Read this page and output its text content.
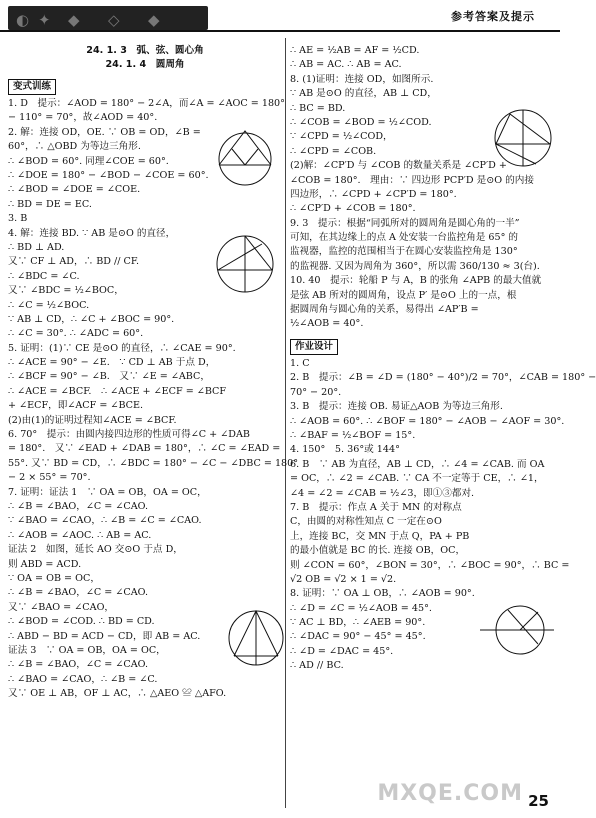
◐ ✦ ◆ ◇ ◆	参考答案及提示
24. 1. 3　弧、弦、圆心角
24. 1. 4　圆周角
变式训练
1. D　提示：∠AOD = 180° − 2∠A，而∠A = ∠AOC = 180°
− 110° = 70°，故∠AOD = 40°.
2. 解：连接 OD，OE. ∵ OB = OD，∠B =
60°，∴ △OBD 为等边三角形.
∴ ∠BOD = 60°. 同理∠COE = 60°.
∴ ∠DOE = 180° − ∠BOD − ∠COE = 60°.
∴ ∠BOD = ∠DOE = ∠COE.
∴ BD = DE = EC.
3. B
4. 解：连接 BD. ∵ AB 是⊙O 的直径，
∴ BD ⊥ AD.
又∵ CF ⊥ AD，∴ BD // CF.
∴ ∠BDC = ∠C.
又∵ ∠BDC = ½∠BOC，
∴ ∠C = ½∠BOC.
∵ AB ⊥ CD，∴ ∠C + ∠BOC = 90°.
∴ ∠C = 30°. ∴ ∠ADC = 60°.
5. 证明：(1)∵ CE 是⊙O 的直径，∴ ∠CAE = 90°.
∴ ∠ACE = 90° − ∠E.　∵ CD ⊥ AB 于点 D，
∴ ∠BCF = 90° − ∠B.　又∵ ∠E = ∠ABC，
∴ ∠ACE = ∠BCF.　∴ ∠ACE + ∠ECF = ∠BCF
+ ∠ECF，即∠ACF = ∠BCE.
(2)由(1)的证明过程知∠ACE = ∠BCF.
6. 70°　提示：由圆内接四边形的性质可得∠C + ∠DAB
= 180°.　又∵ ∠EAD + ∠DAB = 180°，∴ ∠C = ∠EAD =
55°. 又∵ BD = CD，∴ ∠BDC = 180° − ∠C − ∠DBC = 180°
− 2 × 55° = 70°.
7. 证明：证法 1　∵ OA = OB，OA = OC，
∴ ∠B = ∠BAO，∠C = ∠CAO.
∵ ∠BAO = ∠CAO，∴ ∠B = ∠C = ∠CAO.
∴ ∠AOB = ∠AOC. ∴ AB = AC.
证法 2　如图，延长 AO 交⊙O 于点 D，
则 ABD = ACD.
∵ OA = OB = OC，
∴ ∠B = ∠BAO，∠C = ∠CAO.
又∵ ∠BAO = ∠CAO，
∴ ∠BOD = ∠COD. ∴ BD = CD.
∴ ABD − BD = ACD − CD，即 AB = AC.
证法 3　∵ OA = OB，OA = OC，
∴ ∠B = ∠BAO，∠C = ∠CAO.
∴ ∠BAO = ∠CAO，∴ ∠B = ∠C.
又∵ OE ⊥ AB，OF ⊥ AC，∴ △AEO ≌ △AFO.
∴ AE = ½AB = AF = ½CD.
∴ AB = AC. ∴ AB = AC.
8. (1)证明：连接 OD，如图所示.
∵ AB 是⊙O 的直径，AB ⊥ CD，
∴ BC = BD.
∴ ∠COB = ∠BOD = ½∠COD.
∵ ∠CPD = ½∠COD，
∴ ∠CPD = ∠COB.
(2)解：∠CP′D 与 ∠COB 的数量关系是 ∠CP′D +
∠COB = 180°.　理由：∵ 四边形 PCP′D 是⊙O 的内接
四边形，∴ ∠CPD + ∠CP′D = 180°.
∴ ∠CP′D + ∠COB = 180°.
9. 3　提示：根据“同弧所对的圆周角是圆心角的一半”
可知，在其边缘上的点 A 处安装一台监控角是 65° 的
监视器，监控的范围相当于在圆心安装监控角是 130°
的监视器. 又因为周角为 360°，所以需 360/130 ≈ 3(台).
10. 40　提示：轮船 P 与 A，B 的张角 ∠APB 的最大值就
是弦 AB 所对的圆周角，设点 P′ 是⊙O 上的一点，根
据圆周角与圆心角的关系，易得出 ∠AP′B =
½∠AOB = 40°.
作业设计
1. C
2. B　提示：∠B = ∠D = (180° − 40°)/2 = 70°，∠CAB = 180° −
70° − 20°.
3. B　提示：连接 OB. 易证△AOB 为等边三角形.
∴ ∠AOB = 60°. ∴ ∠BOF = 180° − ∠AOB − ∠AOF = 30°.
∴ ∠BAF = ½∠BOF = 15°.
4. 150°　5. 36°或 144°
6. B　∵ AB 为直径，AB ⊥ CD，∴ ∠4 = ∠CAB. 而 OA
= OC，∴ ∠2 = ∠CAB. ∵ CA 不一定等于 CE，∴ ∠1，
∠4 = ∠2 = ∠CAB = ½∠3，即①③都对.
7. B　提示：作点 A 关于 MN 的对称点
C，由圆的对称性知点 C 一定在⊙O
上，连接 BC，交 MN 于点 Q，PA + PB
的最小值就是 BC 的长. 连接 OB，OC，
则 ∠CON = 60°，∠BON = 30°，∴ ∠BOC = 90°，∴ BC =
√2 OB = √2 × 1 = √2.
8. 证明：∵ OA ⊥ OB，∴ ∠AOB = 90°.
∴ ∠D = ∠C = ½∠AOB = 45°.
∵ AC ⊥ BD，∴ ∠AEB = 90°.
∴ ∠DAC = 90° − 45° = 45°.
∴ ∠D = ∠DAC = 45°.
∴ AD // BC.
MXQE.COM 25
